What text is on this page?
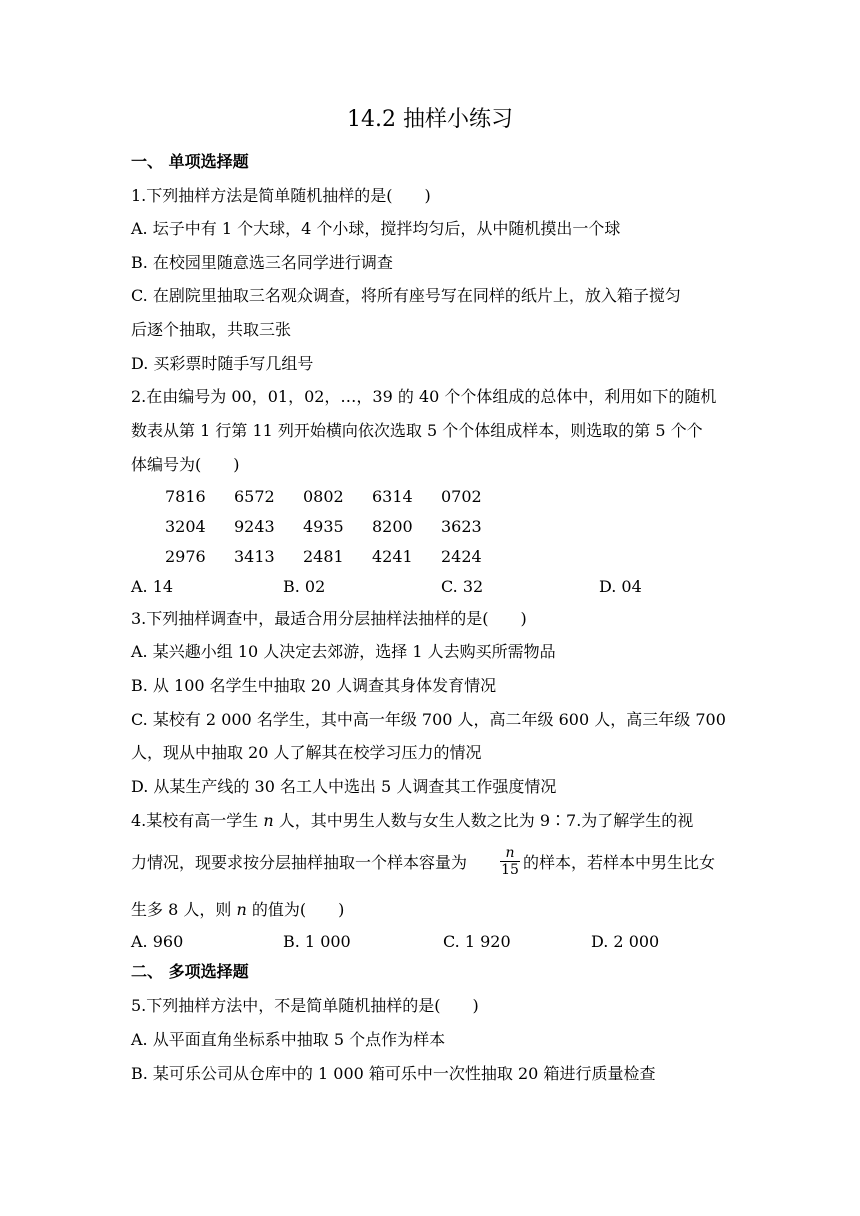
14.2 抽样小练习
一、 单项选择题
1.下列抽样方法是简单随机抽样的是(　　)
A. 坛子中有 1 个大球，4 个小球，搅拌均匀后，从中随机摸出一个球
B. 在校园里随意选三名同学进行调查
C. 在剧院里抽取三名观众调查，将所有座号写在同样的纸片上，放入箱子搅匀
后逐个抽取，共取三张
D. 买彩票时随手写几组号
2.在由编号为 00，01，02，…，39 的 40 个个体组成的总体中，利用如下的随机
数表从第 1 行第 11 列开始横向依次选取 5 个个体组成样本，则选取的第 5 个个
体编号为(　　)
7816 6572 0802 6314 0702
3204 9243 4935 8200 3623
2976 3413 2481 4241 2424
A. 14	B. 02	C. 32	D. 04
3.下列抽样调查中，最适合用分层抽样法抽样的是(　　)
A. 某兴趣小组 10 人决定去郊游，选择 1 人去购买所需物品
B. 从 100 名学生中抽取 20 人调查其身体发育情况
C. 某校有 2 000 名学生，其中高一年级 700 人，高二年级 600 人，高三年级 700
人，现从中抽取 20 人了解其在校学习压力的情况
D. 从某生产线的 30 名工人中选出 5 人调查其工作强度情况
4.某校有高一学生 n 人，其中男生人数与女生人数之比为 9∶7.为了解学生的视
力情况，现要求按分层抽样抽取一个样本容量为 $\frac{n}{15}$ 的样本，若样本中男生比女
生多 8 人，则 n 的值为(　　)
A. 960	B. 1 000	C. 1 920	D. 2 000
二、 多项选择题
5.下列抽样方法中，不是简单随机抽样的是(　　)
A. 从平面直角坐标系中抽取 5 个点作为样本
B. 某可乐公司从仓库中的 1 000 箱可乐中一次性抽取 20 箱进行质量检查
